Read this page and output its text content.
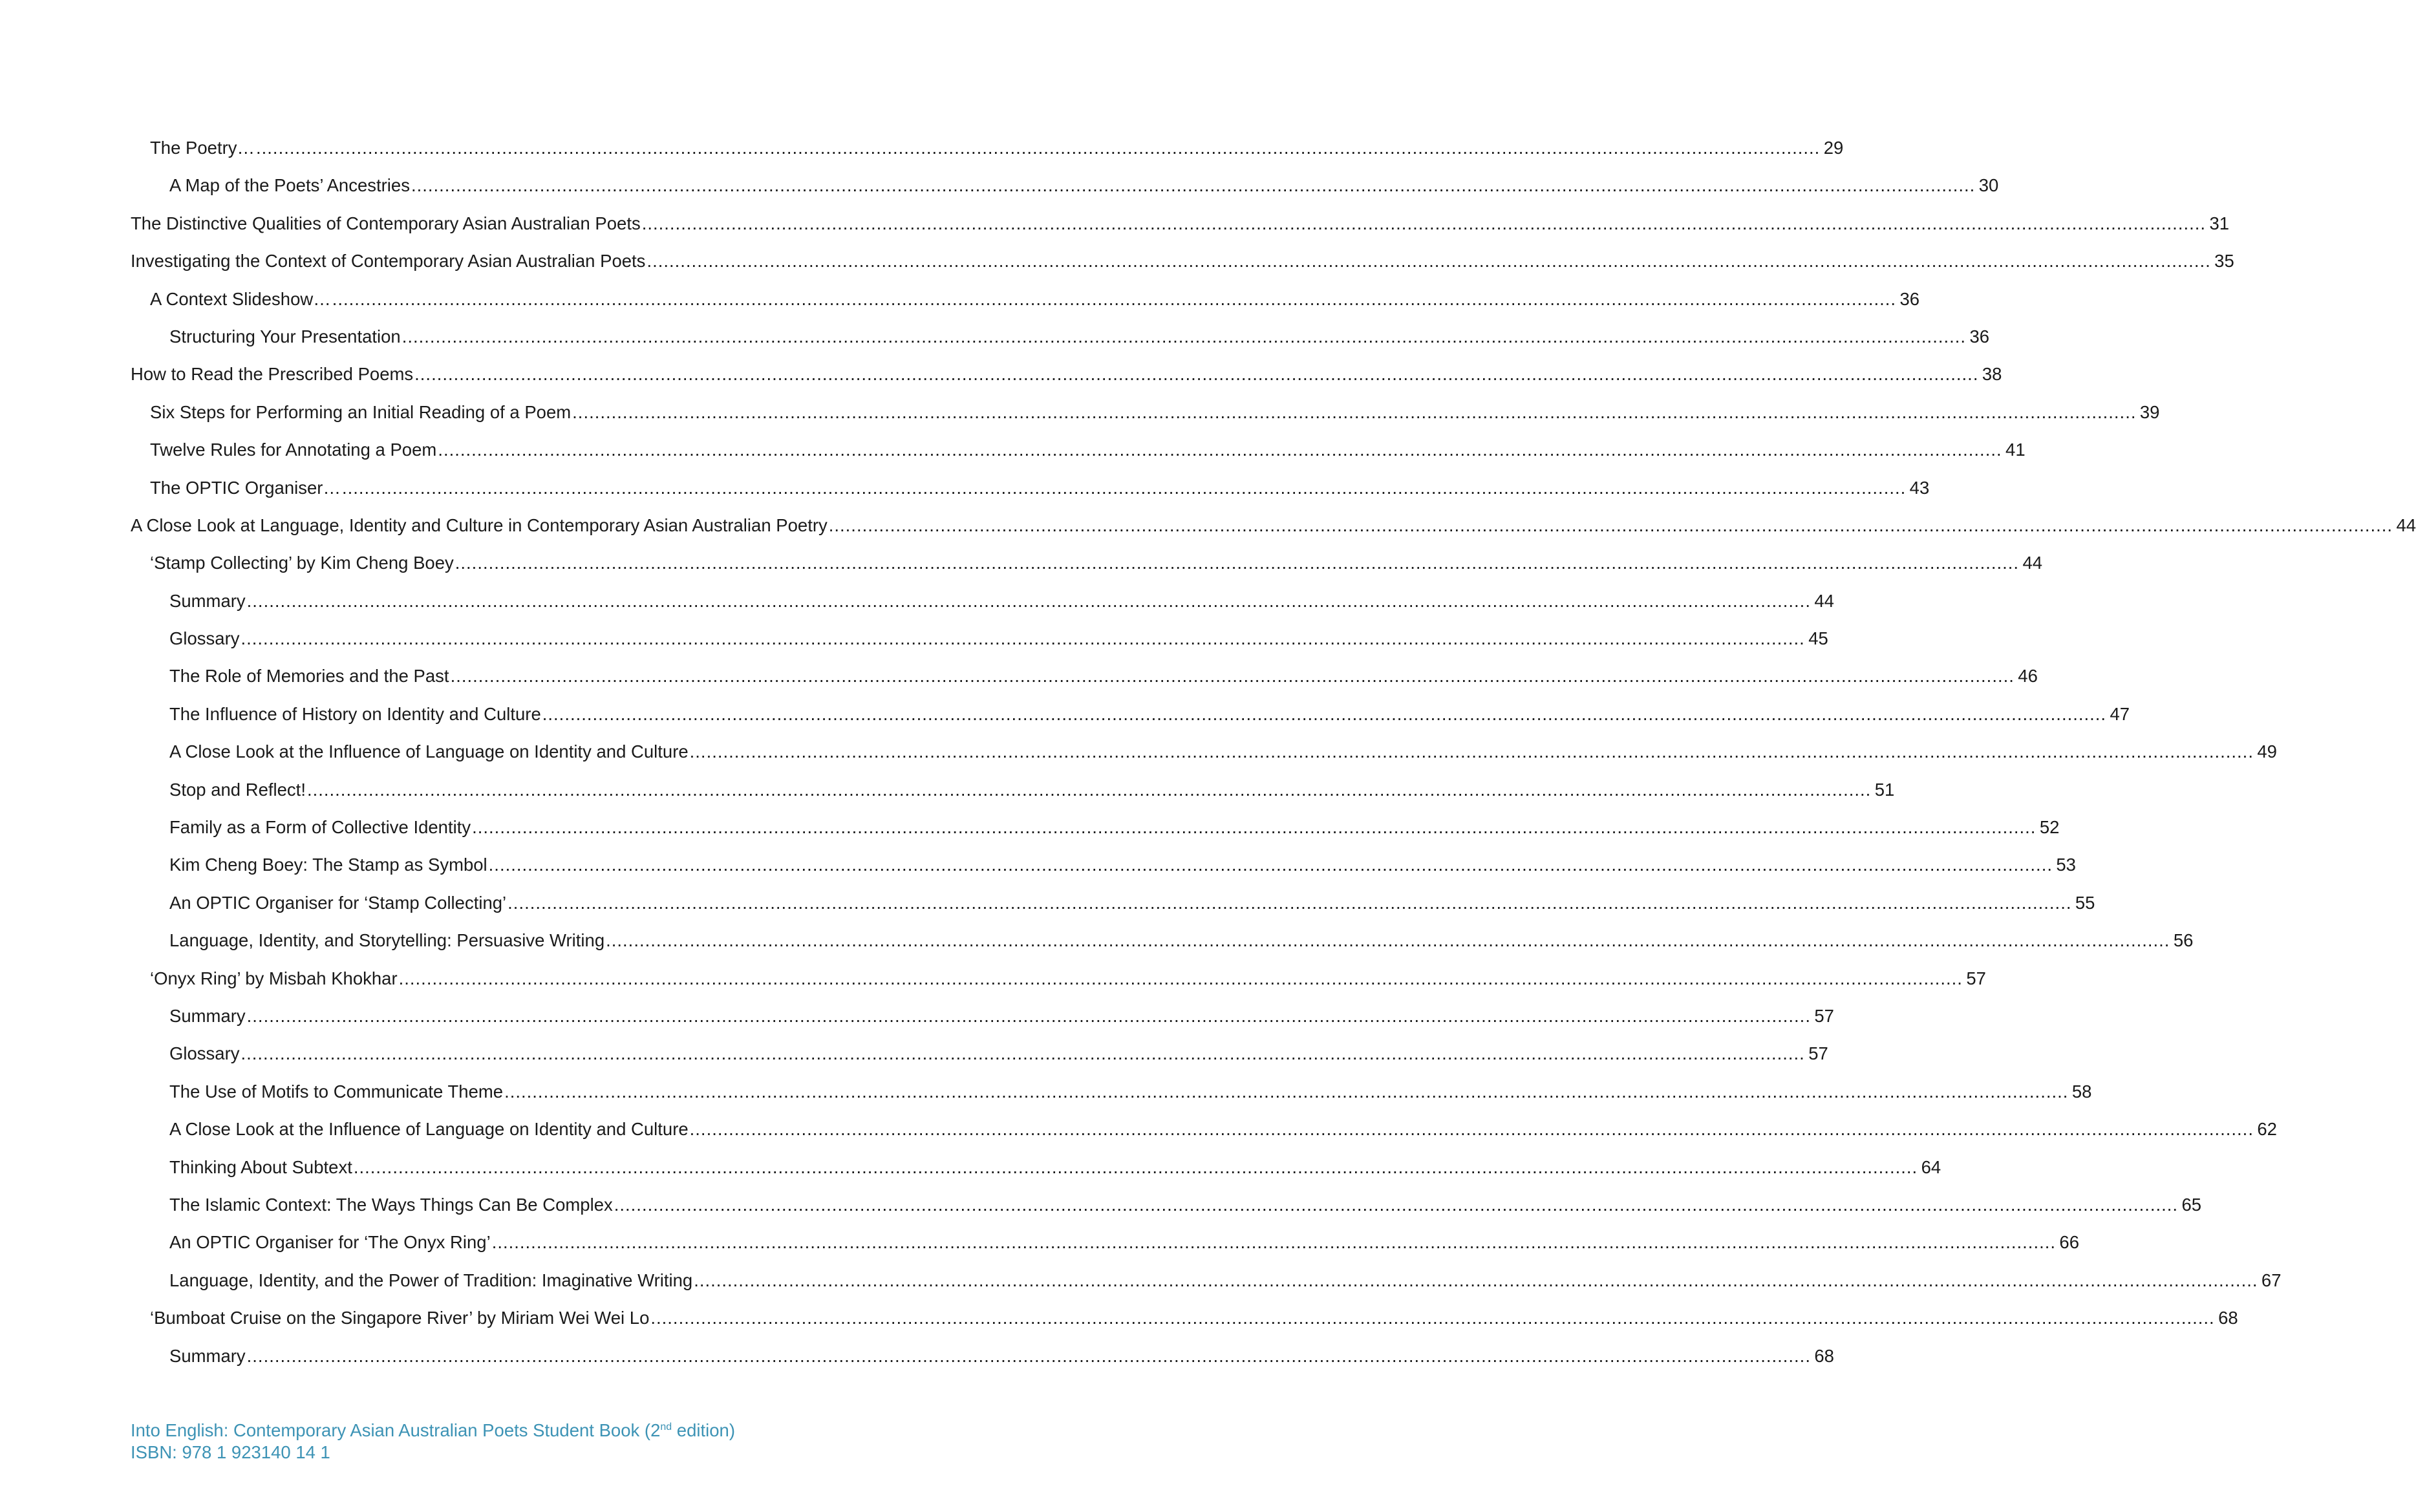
The Poetry… .....	29
A Map of the Poets’ Ancestries .....	30
The Distinctive Qualities of Contemporary Asian Australian Poets .....	31
Investigating the Context of Contemporary Asian Australian Poets .....	35
A Context Slideshow… .....	36
Structuring Your Presentation .....	36
How to Read the Prescribed Poems .....	38
Six Steps for Performing an Initial Reading of a Poem .....	39
Twelve Rules for Annotating a Poem .....	41
The OPTIC Organiser… .....	43
A Close Look at Language, Identity and Culture in Contemporary Asian Australian Poetry .....	44
‘Stamp Collecting’ by Kim Cheng Boey .....	44
Summary .....	44
Glossary .....	45
The Role of Memories and the Past .....	46
The Influence of History on Identity and Culture .....	47
A Close Look at the Influence of Language on Identity and Culture .....	49
Stop and Reflect! .....	51
Family as a Form of Collective Identity .....	52
Kim Cheng Boey: The Stamp as Symbol .....	53
An OPTIC Organiser for ‘Stamp Collecting’ .....	55
Language, Identity, and Storytelling: Persuasive Writing .....	56
‘Onyx Ring’ by Misbah Khokhar .....	57
Summary .....	57
Glossary .....	57
The Use of Motifs to Communicate Theme .....	58
A Close Look at the Influence of Language on Identity and Culture .....	62
Thinking About Subtext .....	64
The Islamic Context: The Ways Things Can Be Complex .....	65
An OPTIC Organiser for ‘The Onyx Ring’ .....	66
Language, Identity, and the Power of Tradition: Imaginative Writing .....	67
‘Bumboat Cruise on the Singapore River’ by Miriam Wei Wei Lo .....	68
Summary .....	68
Into English: Contemporary Asian Australian Poets Student Book (2nd edition)
ISBN: 978 1 923140 14 1
